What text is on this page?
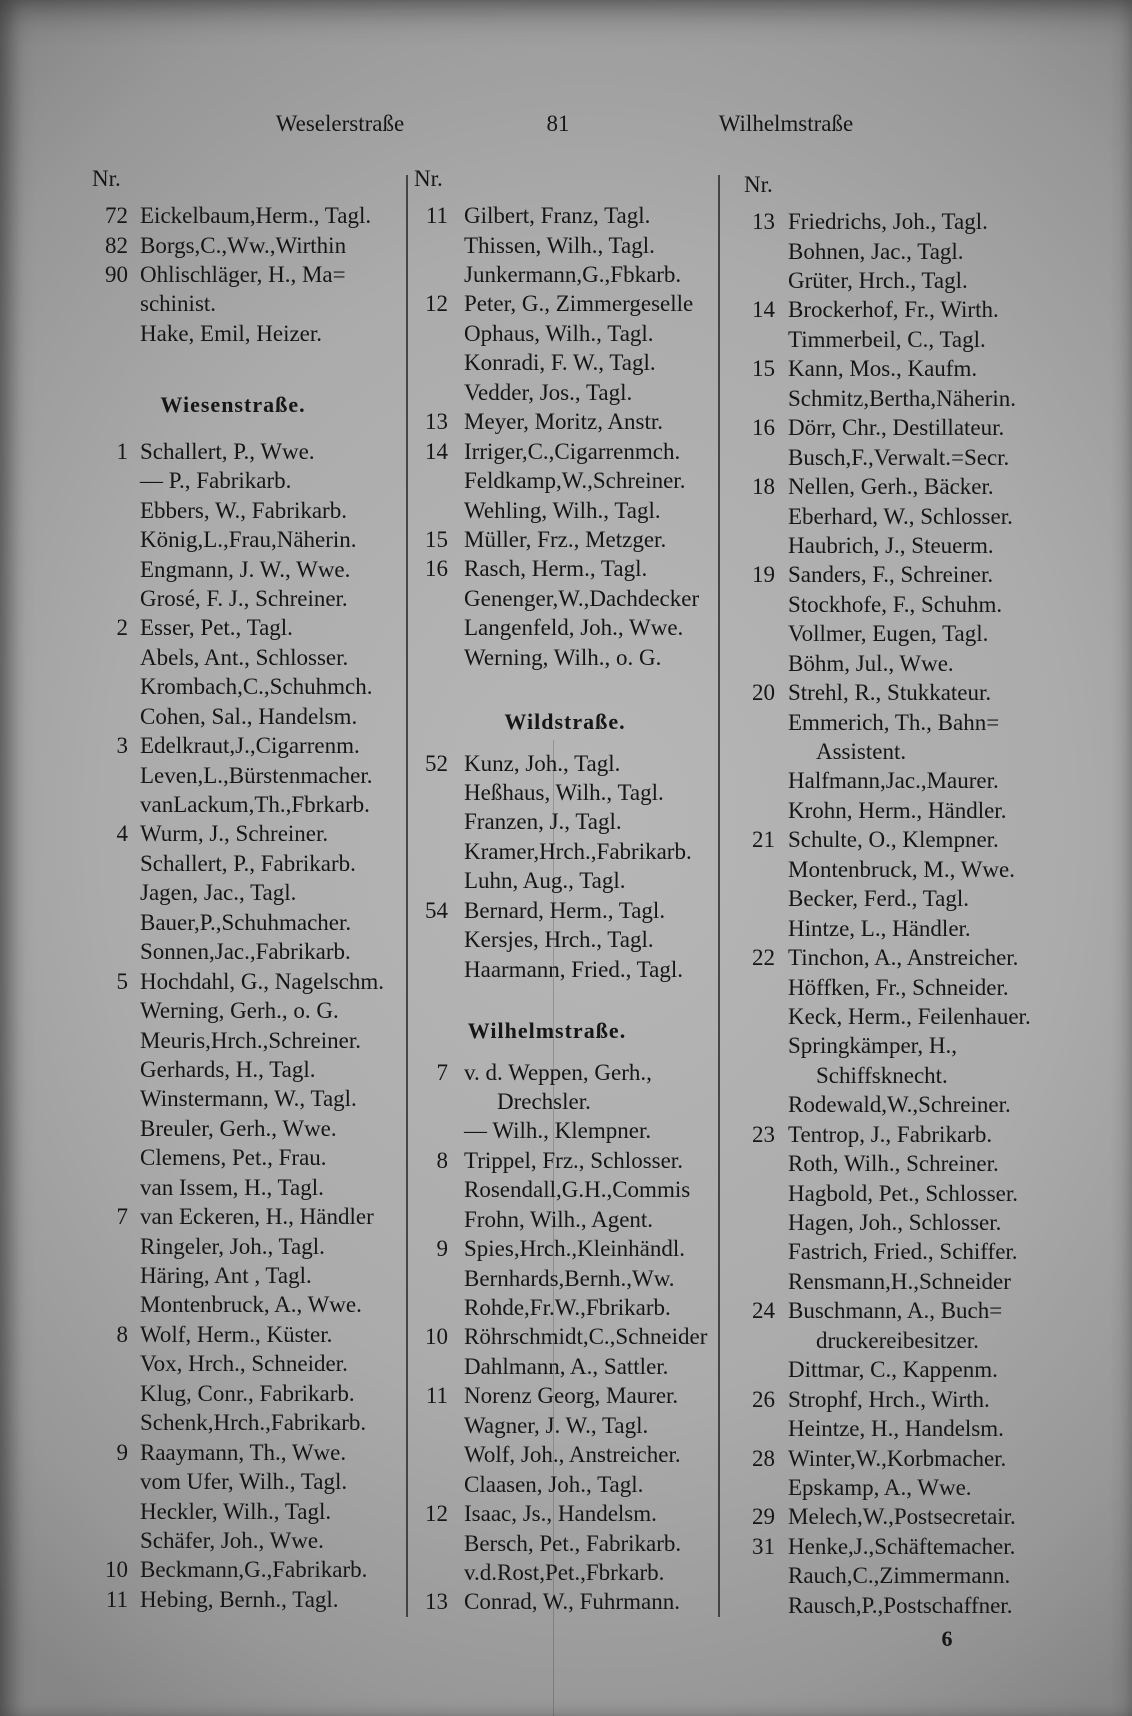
Weselerstraße	81	Wilhelmstraße
Nr.
72 Eickelbaum,Herm., Tagl.
82 Borgs,C.,Ww.,Wirthin
90 Ohlischläger, H., Ma=
schinist.
Hake, Emil, Heizer.
Wiesenstraße.
1 Schallert, P., Wwe.
— P., Fabrikarb.
Ebbers, W., Fabrikarb.
König,L.,Frau,Näherin.
Engmann, J. W., Wwe.
Grosé, F. J., Schreiner.
2 Esser, Pet., Tagl.
Abels, Ant., Schlosser.
Krombach,C.,Schuhmch.
Cohen, Sal., Handelsm.
3 Edelkraut,J.,Cigarrenm.
Leven,L.,Bürstenmacher.
vanLackum,Th.,Fbrkarb.
4 Wurm, J., Schreiner.
Schallert, P., Fabrikarb.
Jagen, Jac., Tagl.
Bauer,P.,Schuhmacher.
Sonnen,Jac.,Fabrikarb.
5 Hochdahl, G., Nagelschm.
Werning, Gerh., o. G.
Meuris,Hrch.,Schreiner.
Gerhards, H., Tagl.
Winstermann, W., Tagl.
Breuler, Gerh., Wwe.
Clemens, Pet., Frau.
van Issem, H., Tagl.
7 van Eckeren, H., Händler
Ringeler, Joh., Tagl.
Häring, Ant , Tagl.
Montenbruck, A., Wwe.
8 Wolf, Herm., Küster.
Vox, Hrch., Schneider.
Klug, Conr., Fabrikarb.
Schenk,Hrch.,Fabrikarb.
9 Raaymann, Th., Wwe.
vom Ufer, Wilh., Tagl.
Heckler, Wilh., Tagl.
Schäfer, Joh., Wwe.
10 Beckmann,G.,Fabrikarb.
11 Hebing, Bernh., Tagl.
Nr.
11 Gilbert, Franz, Tagl.
Thissen, Wilh., Tagl.
Junkermann,G.,Fbkarb.
12 Peter, G., Zimmergeselle
Ophaus, Wilh., Tagl.
Konradi, F. W., Tagl.
Vedder, Jos., Tagl.
13 Meyer, Moritz, Anstr.
14 Irriger,C.,Cigarrenmch.
Feldkamp,W.,Schreiner.
Wehling, Wilh., Tagl.
15 Müller, Frz., Metzger.
16 Rasch, Herm., Tagl.
Genenger,W.,Dachdecker
Langenfeld, Joh., Wwe.
Werning, Wilh., o. G.
Wildstraße.
52 Kunz, Joh., Tagl.
Heßhaus, Wilh., Tagl.
Franzen, J., Tagl.
Kramer,Hrch.,Fabrikarb.
Luhn, Aug., Tagl.
54 Bernard, Herm., Tagl.
Kersjes, Hrch., Tagl.
Haarmann, Fried., Tagl.
Wilhelmstraße.
7 v. d. Weppen, Gerh.,
Drechsler.
— Wilh., Klempner.
8 Trippel, Frz., Schlosser.
Rosendall,G.H.,Commis
Frohn, Wilh., Agent.
9 Spies,Hrch.,Kleinhändl.
Bernhards,Bernh.,Ww.
Rohde,Fr.W.,Fbrikarb.
10 Röhrschmidt,C.,Schneider
Dahlmann, A., Sattler.
11 Norenz Georg, Maurer.
Wagner, J. W., Tagl.
Wolf, Joh., Anstreicher.
Claasen, Joh., Tagl.
12 Isaac, Js., Handelsm.
Bersch, Pet., Fabrikarb.
v.d.Rost,Pet.,Fbrkarb.
13 Conrad, W., Fuhrmann.
Nr.
13 Friedrichs, Joh., Tagl.
Bohnen, Jac., Tagl.
Grüter, Hrch., Tagl.
14 Brockerhof, Fr., Wirth.
Timmerbeil, C., Tagl.
15 Kann, Mos., Kaufm.
Schmitz,Bertha,Näherin.
16 Dörr, Chr., Destillateur.
Busch,F.,Verwalt.=Secr.
18 Nellen, Gerh., Bäcker.
Eberhard, W., Schlosser.
Haubrich, J., Steuerm.
19 Sanders, F., Schreiner.
Stockhofe, F., Schuhm.
Vollmer, Eugen, Tagl.
Böhm, Jul., Wwe.
20 Strehl, R., Stukkateur.
Emmerich, Th., Bahn=
Assistent.
Halfmann,Jac.,Maurer.
Krohn, Herm., Händler.
21 Schulte, O., Klempner.
Montenbruck, M., Wwe.
Becker, Ferd., Tagl.
Hintze, L., Händler.
22 Tinchon, A., Anstreicher.
Höffken, Fr., Schneider.
Keck, Herm., Feilenhauer.
Springkämper, H.,
Schiffsknecht.
Rodewald,W.,Schreiner.
23 Tentrop, J., Fabrikarb.
Roth, Wilh., Schreiner.
Hagbold, Pet., Schlosser.
Hagen, Joh., Schlosser.
Fastrich, Fried., Schiffer.
Rensmann,H.,Schneider
24 Buschmann, A., Buch=
druckereibesitzer.
Dittmar, C., Kappenm.
26 Strophf, Hrch., Wirth.
Heintze, H., Handelsm.
28 Winter,W.,Korbmacher.
Epskamp, A., Wwe.
29 Melech,W.,Postsecretair.
31 Henke,J.,Schäftemacher.
Rauch,C.,Zimmermann.
Rausch,P.,Postschaffner.
6
